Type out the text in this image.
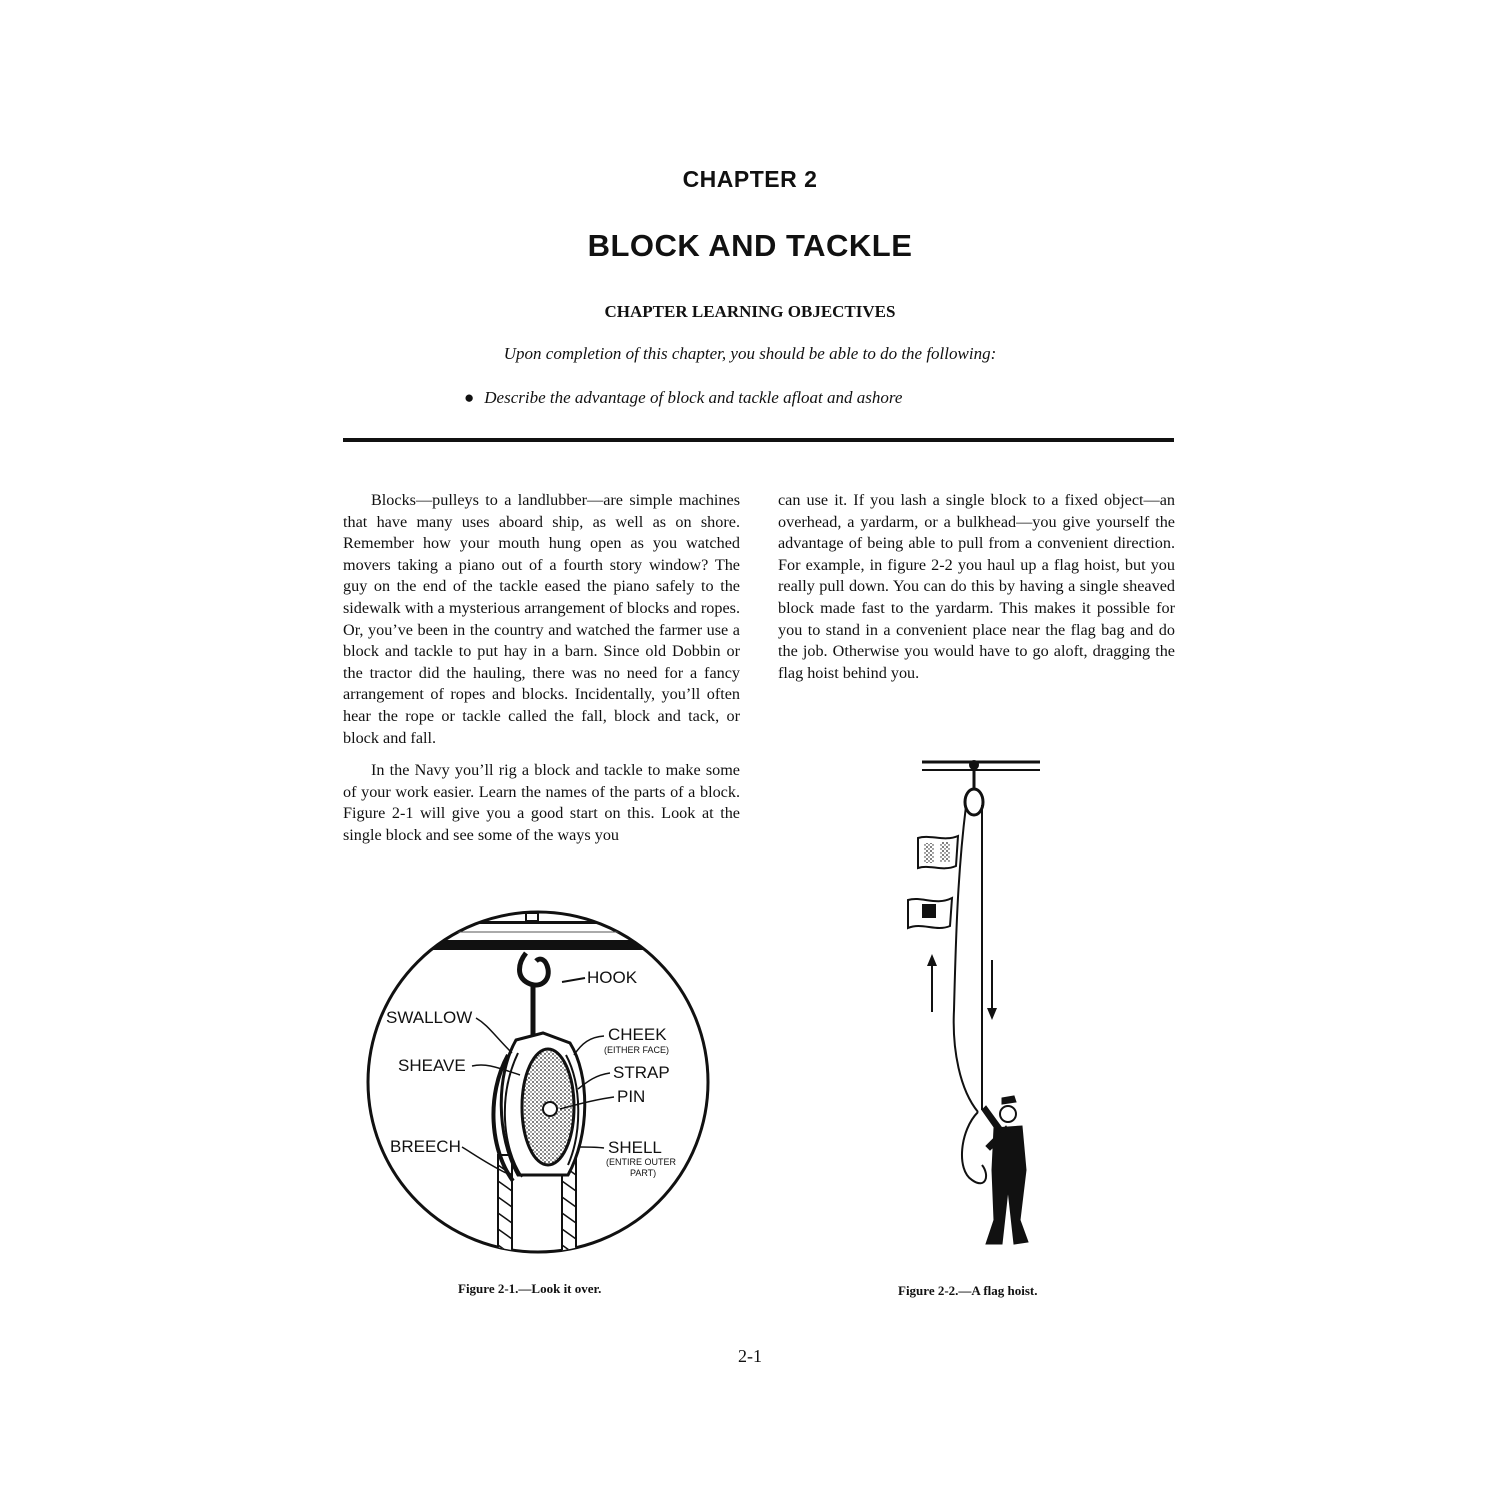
CHAPTER 2
BLOCK AND TACKLE
CHAPTER LEARNING OBJECTIVES
Upon completion of this chapter, you should be able to do the following:
● Describe the advantage of block and tackle afloat and ashore

Blocks—pulleys to a landlubber—are simple machines that have many uses aboard ship, as well as on shore. Remember how your mouth hung open as you watched movers taking a piano out of a fourth story window? The guy on the end of the tackle eased the piano safely to the sidewalk with a mysterious arrangement of blocks and ropes. Or, you’ve been in the country and watched the farmer use a block and tackle to put hay in a barn. Since old Dobbin or the tractor did the hauling, there was no need for a fancy arrangement of ropes and blocks. Incidentally, you’ll often hear the rope or tackle called the fall, block and tack, or block and fall.

In the Navy you’ll rig a block and tackle to make some of your work easier. Learn the names of the parts of a block. Figure 2-1 will give you a good start on this. Look at the single block and see some of the ways you

can use it. If you lash a single block to a fixed object—an overhead, a yardarm, or a bulkhead—you give yourself the advantage of being able to pull from a convenient direction. For example, in figure 2-2 you haul up a flag hoist, but you really pull down. You can do this by having a single sheaved block made fast to the yardarm. This makes it possible for you to stand in a convenient place near the flag bag and do the job. Otherwise you would have to go aloft, dragging the flag hoist behind you.

HOOK
SWALLOW
CHEEK
(EITHER FACE)
SHEAVE	STRAP
PIN
BREECH	SHELL
(ENTIRE OUTER
PART)
Figure 2-1.—Look it over.	Figure 2-2.—A flag hoist.
2-1
